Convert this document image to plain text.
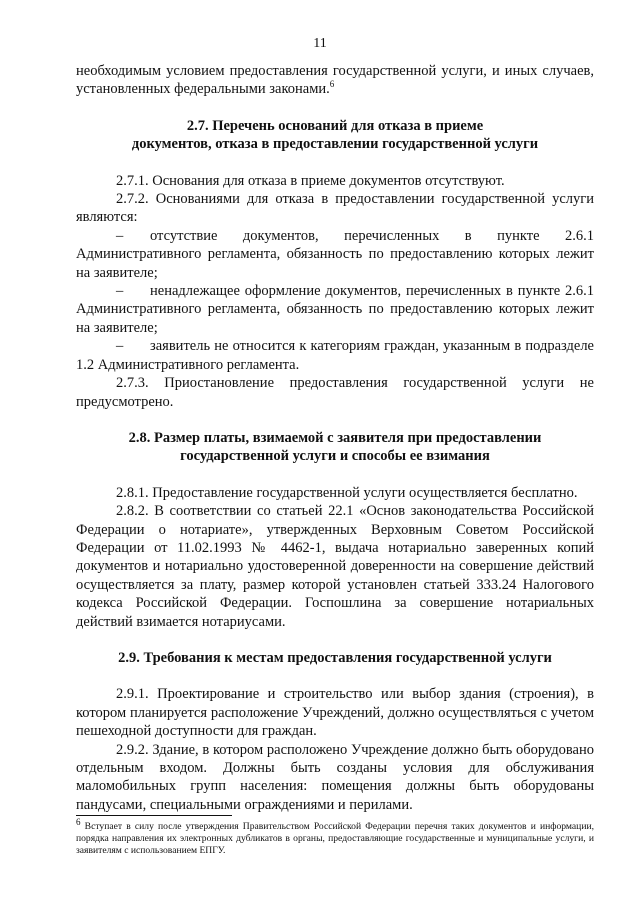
11

необходимым условием предоставления государственной услуги, и иных случаев, установленных федеральными законами.$^6$

2.7. Перечень оснований для отказа в приеме

документов, отказа в предоставлении государственной услуги

2.7.1. Основания для отказа в приеме документов отсутствуют.

2.7.2. Основаниями для отказа в предоставлении государственной услуги являются:

– отсутствие документов, перечисленных в пункте 2.6.1 Административного регламента, обязанность по предоставлению которых лежит на заявителе;

– ненадлежащее оформление документов, перечисленных в пункте 2.6.1 Административного регламента, обязанность по предоставлению которых лежит на заявителе;

– заявитель не относится к категориям граждан, указанным в подразделе 1.2 Административного регламента.

2.7.3. Приостановление предоставления государственной услуги не предусмотрено.

2.8. Размер платы, взимаемой с заявителя при предоставлении

государственной услуги и способы ее взимания

2.8.1. Предоставление государственной услуги осуществляется бесплатно.

2.8.2. В соответствии со статьей 22.1 «Основ законодательства Российской Федерации о нотариате», утвержденных Верховным Советом Российской Федерации от 11.02.1993 № 4462-1, выдача нотариально заверенных копий документов и нотариально удостоверенной доверенности на совершение действий осуществляется за плату, размер которой установлен статьей 333.24 Налогового кодекса Российской Федерации. Госпошлина за совершение нотариальных действий взимается нотариусами.

2.9. Требования к местам предоставления государственной услуги

2.9.1. Проектирование и строительство или выбор здания (строения), в котором планируется расположение Учреждений, должно осуществляться с учетом пешеходной доступности для граждан.

2.9.2. Здание, в котором расположено Учреждение должно быть оборудовано отдельным входом. Должны быть созданы условия для обслуживания маломобильных групп населения: помещения должны быть оборудованы пандусами, специальными ограждениями и перилами.

$^6$ Вступает в силу после утверждения Правительством Российской Федерации перечня таких документов и информации, порядка направления их электронных дубликатов в органы, предоставляющие государственные и муниципальные услуги, и заявителям с использованием ЕПГУ.
